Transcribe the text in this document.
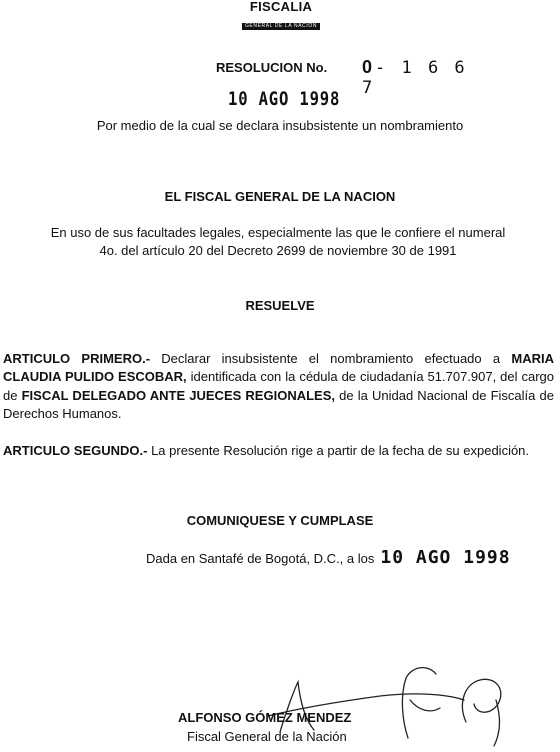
FISCALIA
GENERAL DE LA NACION
RESOLUCION No. 0- 1 6 6 7
10 AGO 1998
Por medio de la cual se declara insubsistente un nombramiento
EL FISCAL GENERAL DE LA NACION
En uso de sus facultades legales, especialmente las que le confiere el numeral
4o. del artículo 20 del Decreto 2699 de noviembre 30 de 1991
RESUELVE
ARTICULO PRIMERO.- Declarar insubsistente el nombramiento efectuado a MARIA CLAUDIA PULIDO ESCOBAR, identificada con la cédula de ciudadanía 51.707.907, del cargo de FISCAL DELEGADO ANTE JUECES REGIONALES, de la Unidad Nacional de Fiscalía de Derechos Humanos.
ARTICULO SEGUNDO.- La presente Resolución rige a partir de la fecha de su expedición.
COMUNIQUESE Y CUMPLASE
Dada en Santafé de Bogotá, D.C., a los 10 AGO 1998
ALFONSO GÓMEZ MENDEZ
Fiscal General de la Nación
